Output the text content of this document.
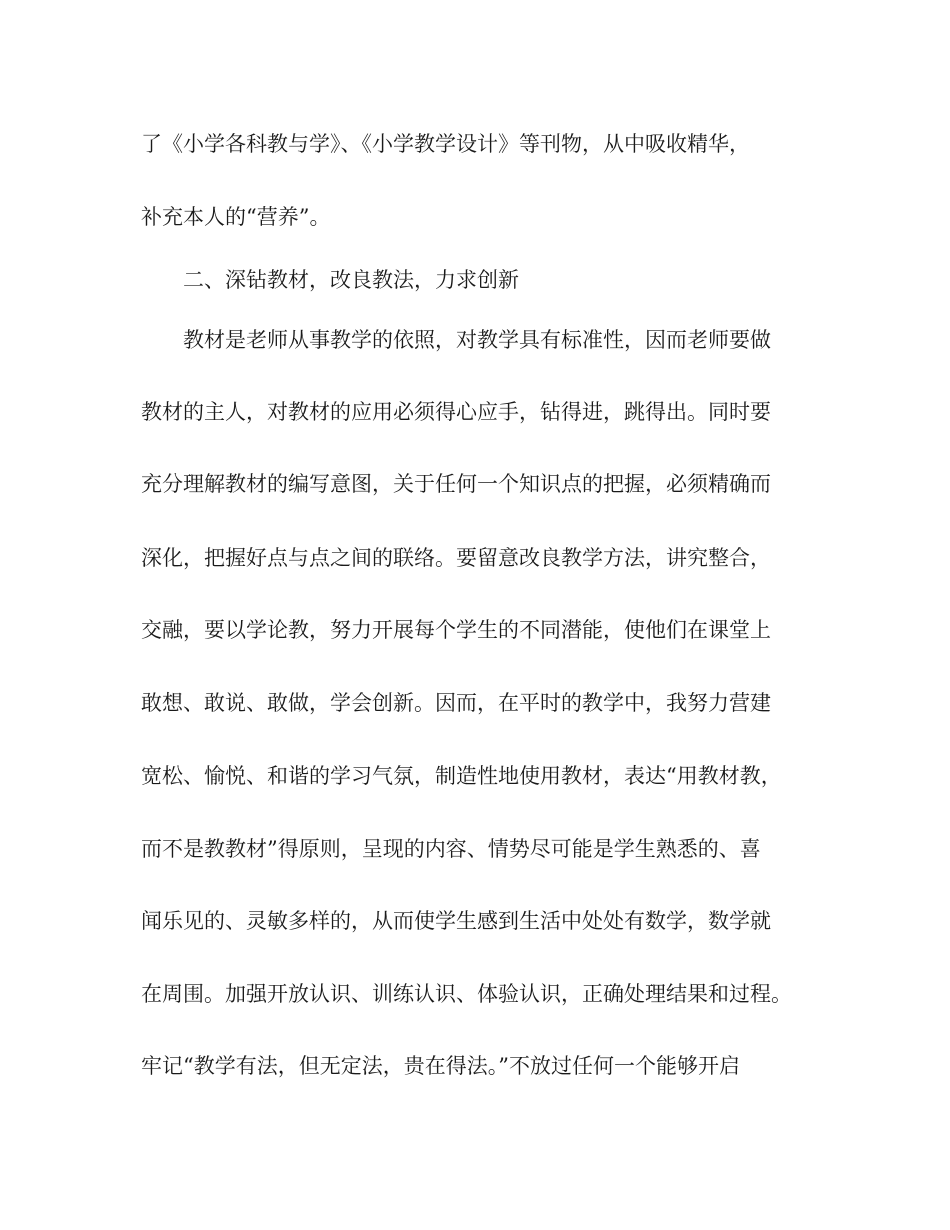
了《小学各科教与学》、《小学教学设计》等刊物，从中吸收精华，
补充本人的“营养”。
二、深钻教材，改良教法，力求创新
教材是老师从事教学的依照，对教学具有标准性，因而老师要做
教材的主人，对教材的应用必须得心应手，钻得进，跳得出。同时要
充分理解教材的编写意图，关于任何一个知识点的把握，必须精确而
深化，把握好点与点之间的联络。要留意改良教学方法，讲究整合，
交融，要以学论教，努力开展每个学生的不同潜能，使他们在课堂上
敢想、敢说、敢做，学会创新。因而，在平时的教学中，我努力营建
宽松、愉悦、和谐的学习气氛，制造性地使用教材，表达“用教材教，
而不是教教材”得原则，呈现的内容、情势尽可能是学生熟悉的、喜
闻乐见的、灵敏多样的，从而使学生感到生活中处处有数学，数学就
在周围。加强开放认识、训练认识、体验认识，正确处理结果和过程。
牢记“教学有法，但无定法，贵在得法。”不放过任何一个能够开启
